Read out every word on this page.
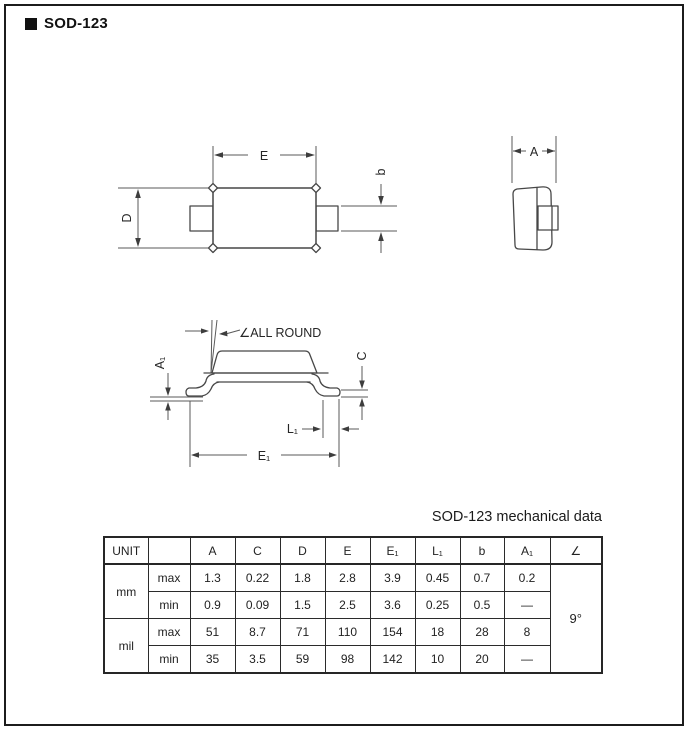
SOD-123
E
D
b
A
∠ALL ROUND
A₁
C
L₁
E₁
SOD-123 mechanical data
UNIT		A	C	D	E	E₁	L₁	b	A₁	∠
mm	max	1.3	0.22	1.8	2.8	3.9	0.45	0.7	0.2	9°
	min	0.9	0.09	1.5	2.5	3.6	0.25	0.5	—	
mil	max	51	8.7	71	110	154	18	28	8	
	min	35	3.5	59	98	142	10	20	—	
